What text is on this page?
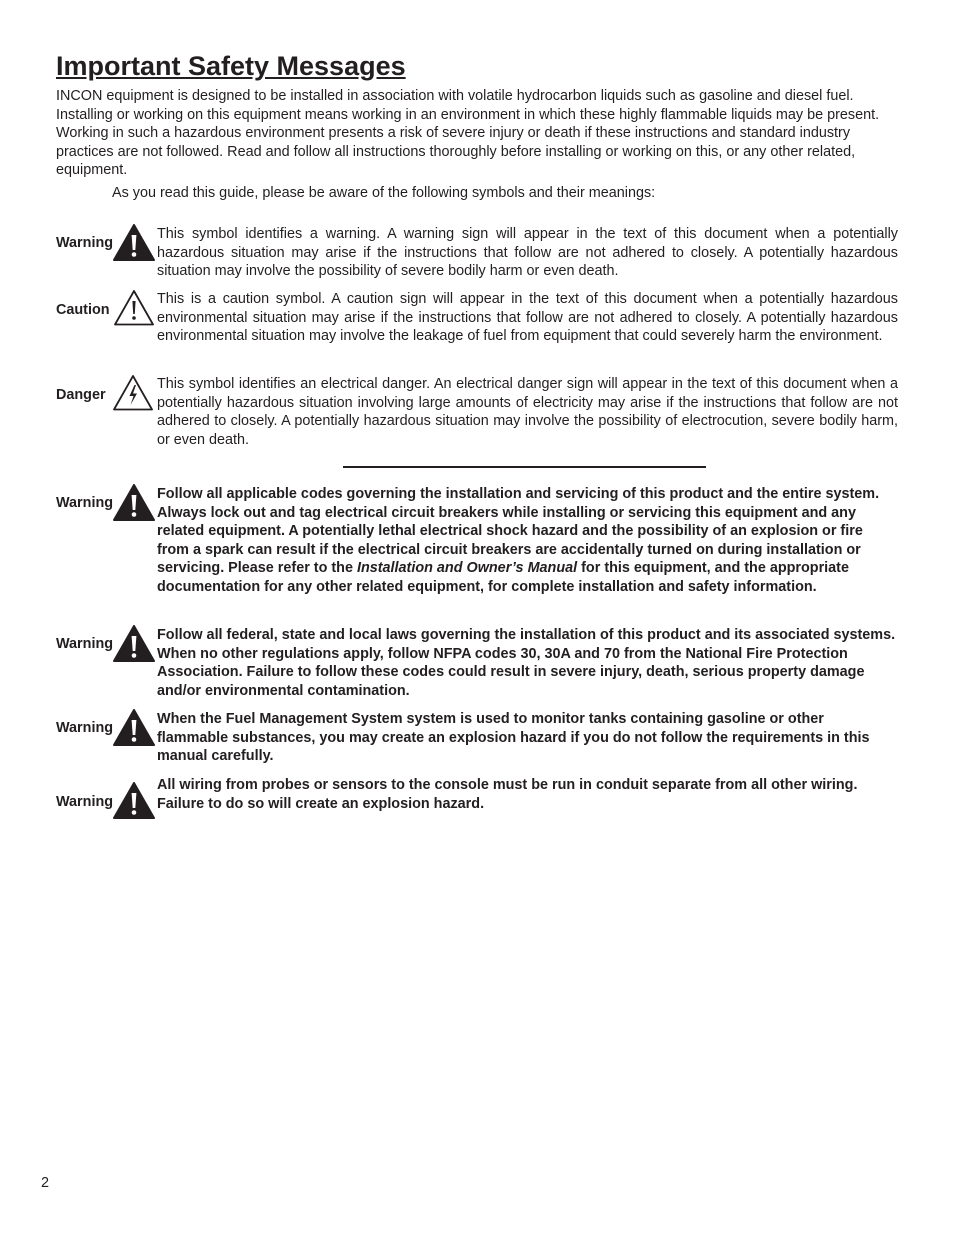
Important Safety Messages

INCON equipment is designed to be installed in association with volatile hydrocarbon liquids such as gasoline and diesel fuel. Installing or working on this equipment means working in an environment in which these highly flammable liquids may be present. Working in such a hazardous environment presents a risk of severe injury or death if these instructions and standard industry practices are not followed. Read and follow all instructions thoroughly before installing or working on this, or any other related, equipment.

As you read this guide, please be aware of the following symbols and their meanings:

Warning

This symbol identifies a warning. A warning sign will appear in the text of this document when a potentially hazardous situation may arise if the instructions that follow are not adhered to closely. A potentially hazardous situation may involve the possibility of severe bodily harm or even death.

Caution

This is a caution symbol. A caution sign will appear in the text of this document when a potentially hazardous environmental situation may arise if the instructions that follow are not adhered to closely. A potentially hazardous environmental situation may involve the leakage of fuel from equipment that could severely harm the environment.

Danger

This symbol identifies an electrical danger. An electrical danger sign will appear in the text of this document when a potentially hazardous situation involving large amounts of electricity may arise if the instructions that follow are not adhered to closely. A potentially hazardous situation may involve the possibility of electrocution, severe bodily harm, or even death.

Warning

Follow all applicable codes governing the installation and servicing of this product and the entire system. Always lock out and tag electrical circuit breakers while installing or servicing this equipment and any related equipment. A potentially lethal electrical shock hazard and the possibility of an explosion or fire from a spark can result if the electrical circuit breakers are accidentally turned on during installation or servicing. Please refer to the Installation and Owner’s Manual for this equipment, and the appropriate documentation for any other related equipment, for complete installation and safety information.

Warning

Follow all federal, state and local laws governing the installation of this product and its associated systems. When no other regulations apply, follow NFPA codes 30, 30A and 70 from the National Fire Protection Association. Failure to follow these codes could result in severe injury, death, serious property damage and/or environmental contamination.

Warning

When the Fuel Management System system is used to monitor tanks containing gasoline or other flammable substances, you may create an explosion hazard if you do not follow the requirements in this manual carefully.

Warning

All wiring from probes or sensors to the console must be run in conduit separate from all other wiring. Failure to do so will create an explosion hazard.

2
